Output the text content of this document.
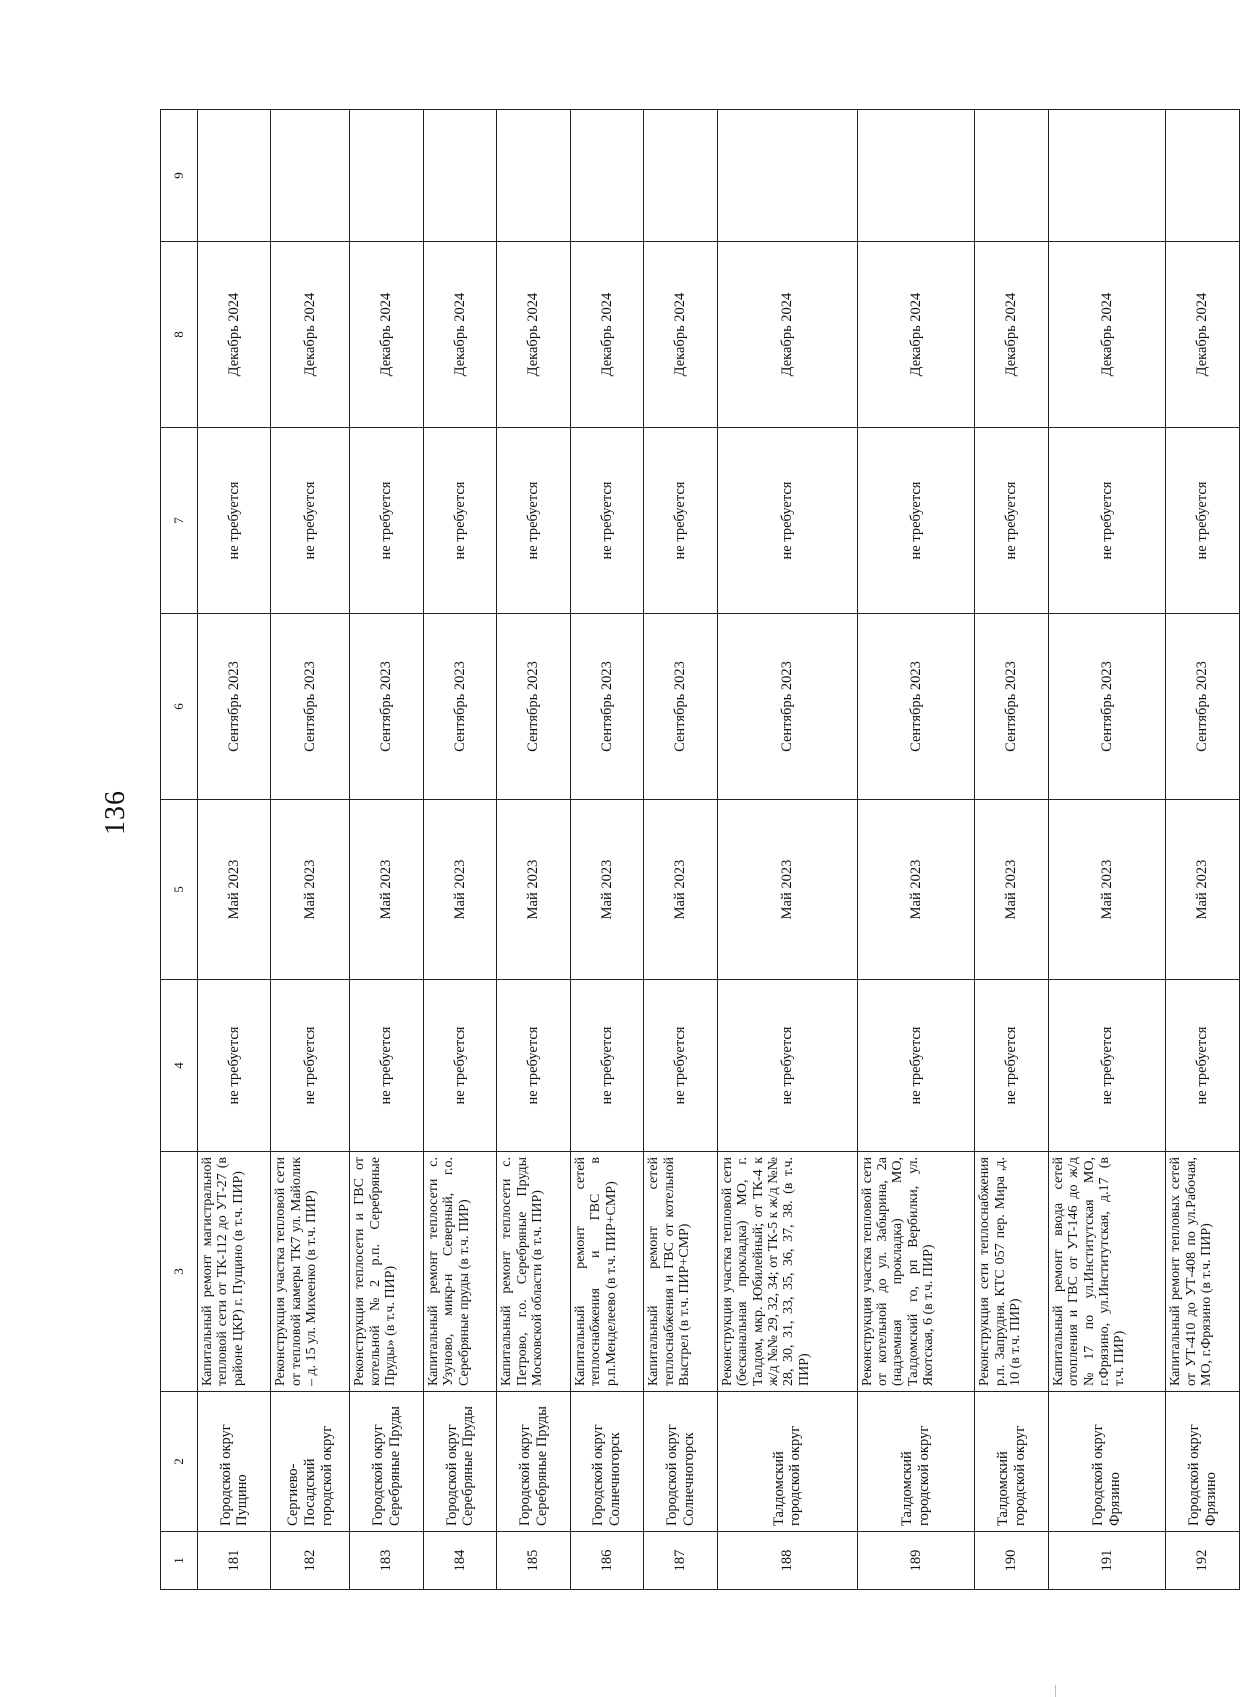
136
1	2	3	4	5	6	7	8	9
181	Городской округ Пущино	Капитальный ремонт магистральной тепловой сети от ТК-112 до УТ-27 (в районе ЦКР) г. Пущино (в т.ч. ПИР)	не требуется	Май 2023	Сентябрь 2023	не требуется	Декабрь 2024	
182	Сергиево-Посадский городской округ	Реконструкция участка тепловой сети от тепловой камеры ТК7 ул. Майолик – д. 15 ул. Михеенко (в т.ч. ПИР)	не требуется	Май 2023	Сентябрь 2023	не требуется	Декабрь 2024	
183	Городской округ Серебряные Пруды	Реконструкция теплосети и ГВС от котельной №2 р.п. Серебряные Пруды» (в т.ч. ПИР)	не требуется	Май 2023	Сентябрь 2023	не требуется	Декабрь 2024	
184	Городской округ Серебряные Пруды	Капитальный ремонт теплосети с. Узуново, микр-н Северный, г.о. Серебряные пруды (в т.ч. ПИР)	не требуется	Май 2023	Сентябрь 2023	не требуется	Декабрь 2024	
185	Городской округ Серебряные Пруды	Капитальный ремонт теплосети с. Петрово, г.о. Серебряные Пруды Московской области (в т.ч. ПИР)	не требуется	Май 2023	Сентябрь 2023	не требуется	Декабрь 2024	
186	Городской округ Солнечногорск	Капитальный ремонт сетей теплоснабжения и ГВС в р.п.Менделеево (в т.ч. ПИР+СМР)	не требуется	Май 2023	Сентябрь 2023	не требуется	Декабрь 2024	
187	Городской округ Солнечногорск	Капитальный ремонт сетей теплоснабжения и ГВС от котельной Выстрел (в т.ч. ПИР+СМР)	не требуется	Май 2023	Сентябрь 2023	не требуется	Декабрь 2024	
188	Талдомский городской округ	Реконструкция участка тепловой сети (бесканальная прокладка) МО, г. Талдом, мкр. Юбилейный; от ТК-4 к ж/д №№ 29, 32, 34; от ТК-5 к ж/д №№ 28, 30, 31, 33, 35, 36, 37, 38. (в т.ч. ПИР)	не требуется	Май 2023	Сентябрь 2023	не требуется	Декабрь 2024	
189	Талдомский городской округ	Реконструкция участка тепловой сети от котельной до ул. Забырина, 2а (надземная прокладка) МО, Талдомский го, рп Вербилки, ул. Якотская, 6 (в т.ч. ПИР)	не требуется	Май 2023	Сентябрь 2023	не требуется	Декабрь 2024	
190	Талдомский городской округ	Реконструкция сети теплоснабжения р.п. Запрудня. КТС 057 пер. Мира ,д. 10 (в т.ч. ПИР)	не требуется	Май 2023	Сентябрь 2023	не требуется	Декабрь 2024	
191	Городской округ Фрязино	Капитальный ремонт ввода сетей отопления и ГВС от УТ-146 до ж/д №17 по ул.Институтская МО, г.Фрязино, ул.Институтская, д.17 (в т.ч. ПИР)	не требуется	Май 2023	Сентябрь 2023	не требуется	Декабрь 2024	
192	Городской округ Фрязино	Капитальный ремонт тепловых сетей от УТ-410 до УТ-408 по ул.Рабочая, МО, г.Фрязино (в т.ч. ПИР)	не требуется	Май 2023	Сентябрь 2023	не требуется	Декабрь 2024	
